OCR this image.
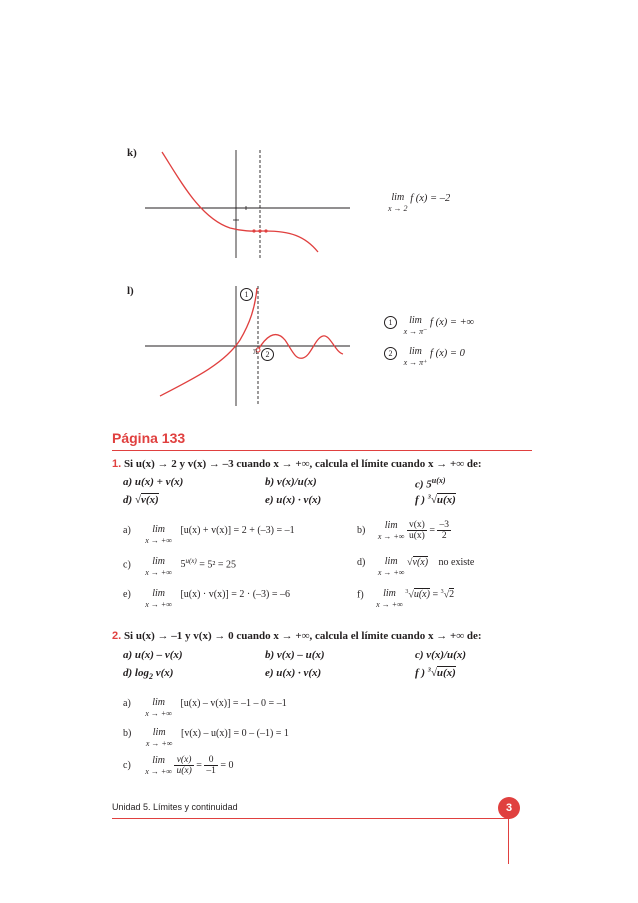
k)
lim
x → 2
f (x) = –2
l)	1
2
π
1	lim
x → π⁻
f (x) = +∞
2	lim
x → π⁺
f (x) = 0
Página 133
1. Si u(x) → 2 y v(x) → –3 cuando x → +∞, calcula el límite cuando x → +∞ de:
a) u(x) + v(x)	b) v(x)/u(x)	c) $5^{u(x)}$
d) √v(x)	e) u(x) · v(x)	f ) $^3$√u(x)
a)	lim
x → +∞
[u(x) + v(x)] = 2 + (–3) = –1	b)	lim
x → +∞
$\frac{v(x)}{u(x)} = \frac{-3}{2}$
c)	lim
x → +∞
$5^{u(x)} = 5^2 = 25$	d)	lim
x → +∞
√v(x) no existe
e)	lim
x → +∞
[u(x) · v(x)] = 2 · (–3) = –6	f)	lim
x → +∞
$^3$√u(x) = $^3$√2
2. Si u(x) → –1 y v(x) → 0 cuando x → +∞, calcula el límite cuando x → +∞ de:
a) u(x) – v(x)	b) v(x) – u(x)	c) v(x)/u(x)
d) $\log_2 v(x)$	e) u(x) · v(x)	f ) $^3$√u(x)
a)	lim
x → +∞
[u(x) – v(x)] = –1 – 0 = –1
b)	lim
x → +∞
[v(x) – u(x)] = 0 – (–1) = 1
c)	lim
x → +∞
$\frac{v(x)}{u(x)} = \frac{0}{-1} = 0$
Unidad 5. Límites y continuidad	3
